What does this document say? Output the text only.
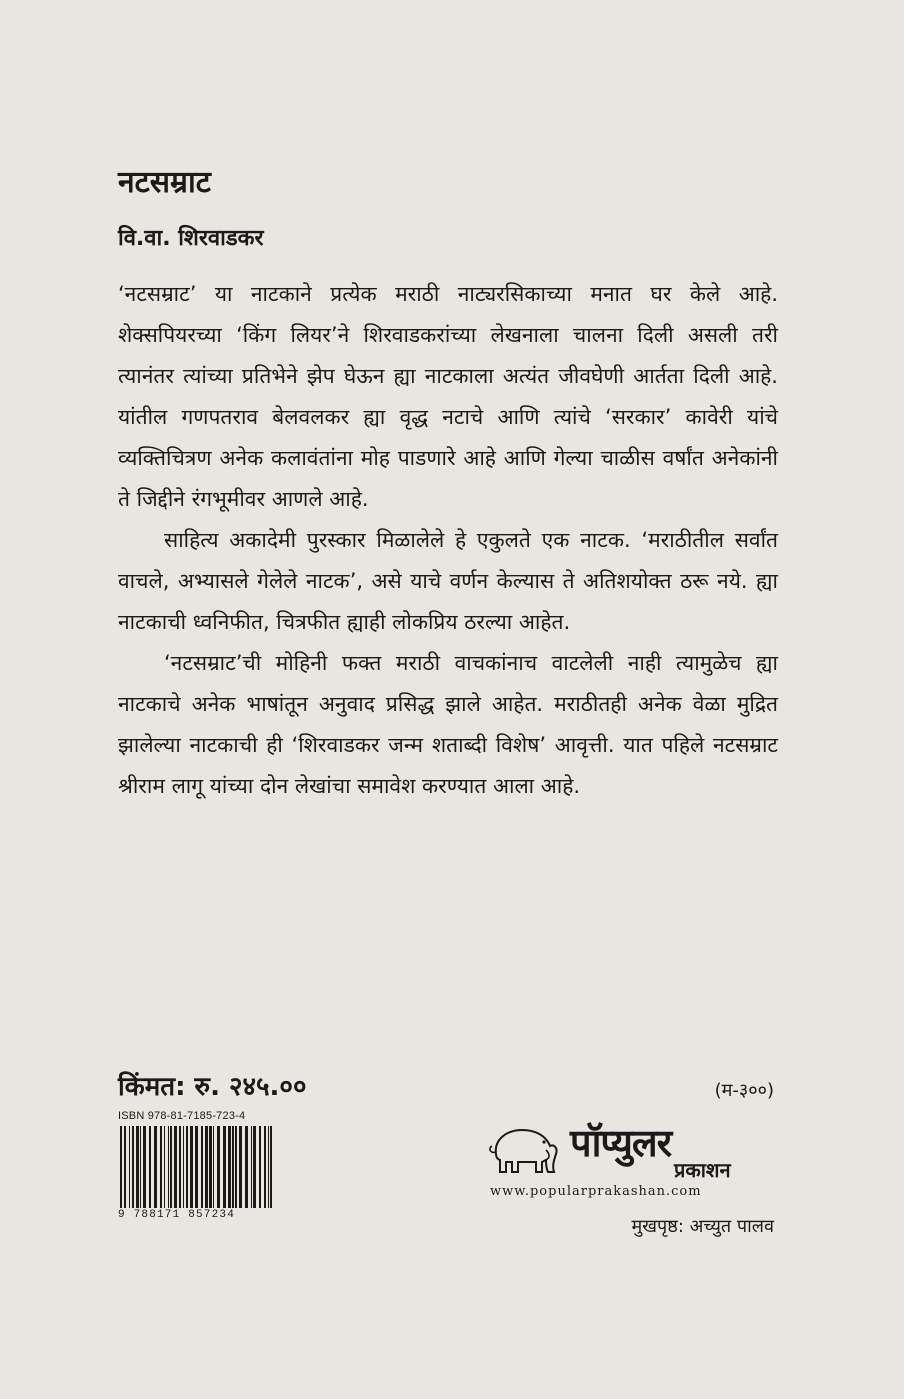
नटसम्राट
वि.वा. शिरवाडकर

‘नटसम्राट’ या नाटकाने प्रत्येक मराठी नाट्यरसिकाच्या मनात घर केले आहे. शेक्सपियरच्या ‘किंग लियर’ने शिरवाडकरांच्या लेखनाला चालना दिली असली तरी त्यानंतर त्यांच्या प्रतिभेने झेप घेऊन ह्या नाटकाला अत्यंत जीवघेणी आर्तता दिली आहे. यांतील गणपतराव बेलवलकर ह्या वृद्ध नटाचे आणि त्यांचे ‘सरकार’ कावेरी यांचे व्यक्तिचित्रण अनेक कलावंतांना मोह पाडणारे आहे आणि गेल्या चाळीस वर्षांत अनेकांनी ते जिद्दीने रंगभूमीवर आणले आहे.

साहित्य अकादेमी पुरस्कार मिळालेले हे एकुलते एक नाटक. ‘मराठीतील सर्वांत वाचले, अभ्यासले गेलेले नाटक’, असे याचे वर्णन केल्यास ते अतिशयोक्त ठरू नये. ह्या नाटकाची ध्वनिफीत, चित्रफीत ह्याही लोकप्रिय ठरल्या आहेत.

‘नटसम्राट’ची मोहिनी फक्त मराठी वाचकांनाच वाटलेली नाही त्यामुळेच ह्या नाटकाचे अनेक भाषांतून अनुवाद प्रसिद्ध झाले आहेत. मराठीतही अनेक वेळा मुद्रित झालेल्या नाटकाची ही ‘शिरवाडकर जन्म शताब्दी विशेष’ आवृत्ती. यात पहिले नटसम्राट श्रीराम लागू यांच्या दोन लेखांचा समावेश करण्यात आला आहे.

किंमत: रु. २४५.००	(म-३००)
ISBN 978-81-7185-723-4
9 788171 857234
पॉप्युलर
प्रकाशन
www.popularprakashan.com
मुखपृष्ठ: अच्युत पालव
